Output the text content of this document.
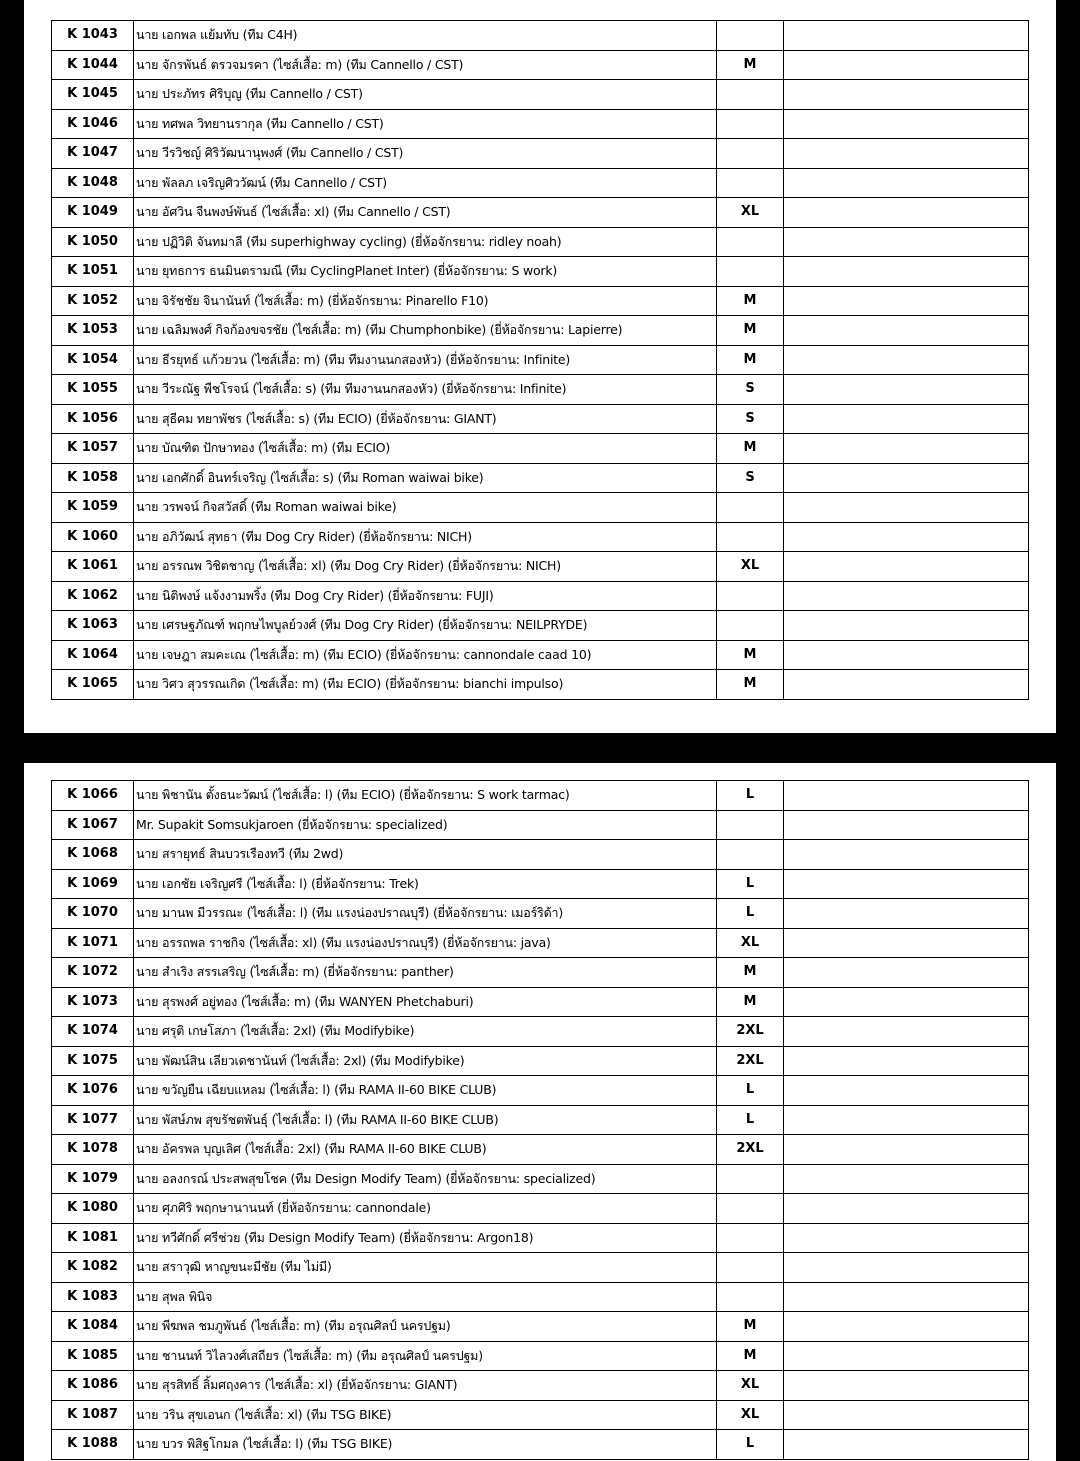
K 1043	นาย เอกพล แย้มทับ (ทีม C4H)		
K 1044	นาย จักรพันธ์ ตรวจมรคา (ไซส์เสื้อ: m) (ทีม Cannello / CST)	M	
K 1045	นาย ประภัทร ศิริบุญ (ทีม Cannello / CST)		
K 1046	นาย ทศพล วิทยานรากุล (ทีม Cannello / CST)		
K 1047	นาย วีรวิชญ์ ศิริวัฒนานุพงศ์ (ทีม Cannello / CST)		
K 1048	นาย พัลลภ เจริญศิววัฒน์ (ทีม Cannello / CST)		
K 1049	นาย อัศวิน จีนพงษ์พันธ์ (ไซส์เสื้อ: xl) (ทีม Cannello / CST)	XL	
K 1050	นาย ปฏิวิติ จันทมาลี (ทีม superhighway cycling) (ยี่ห้อจักรยาน: ridley noah)		
K 1051	นาย ยุทธการ ธนมินตรามณี (ทีม CyclingPlanet Inter) (ยี่ห้อจักรยาน: S work)		
K 1052	นาย จิรัชชัย จินานันท์ (ไซส์เสื้อ: m) (ยี่ห้อจักรยาน: Pinarello F10)	M	
K 1053	นาย เฉลิมพงศ์ กิจก้องขจรชัย (ไซส์เสื้อ: m) (ทีม Chumphonbike) (ยี่ห้อจักรยาน: Lapierre)	M	
K 1054	นาย ธีรยุทธ์ แก้วยวน (ไซส์เสื้อ: m) (ทีม ทีมงานนกสองหัว) (ยี่ห้อจักรยาน: Infinite)	M	
K 1055	นาย วีระณัฐ พืชโรจน์ (ไซส์เสื้อ: s) (ทีม ทีมงานนกสองหัว) (ยี่ห้อจักรยาน: Infinite)	S	
K 1056	นาย สุธีคม ทยาพัชร (ไซส์เสื้อ: s) (ทีม ECIO) (ยี่ห้อจักรยาน: GIANT)	S	
K 1057	นาย บัณฑิต ปักษาทอง (ไซส์เสื้อ: m) (ทีม ECIO)	M	
K 1058	นาย เอกศักดิ์ อินทร์เจริญ (ไซส์เสื้อ: s) (ทีม Roman waiwai bike)	S	
K 1059	นาย วรพจน์ กิจสวัสดิ์ (ทีม Roman waiwai bike)		
K 1060	นาย อภิวัฒน์ สุทธา (ทีม Dog Cry Rider) (ยี่ห้อจักรยาน: NICH)		
K 1061	นาย อรรณพ วิชิตชาญ (ไซส์เสื้อ: xl) (ทีม Dog Cry Rider) (ยี่ห้อจักรยาน: NICH)	XL	
K 1062	นาย นิติพงษ์ แจ้งงามพริ้ง (ทีม Dog Cry Rider) (ยี่ห้อจักรยาน: FUJI)		
K 1063	นาย เศรษฐภัณฑ์ พฤกษไพบูลย์วงศ์ (ทีม Dog Cry Rider) (ยี่ห้อจักรยาน: NEILPRYDE)		
K 1064	นาย เจษฎา สมคะเณ (ไซส์เสื้อ: m) (ทีม ECIO) (ยี่ห้อจักรยาน: cannondale caad 10)	M	
K 1065	นาย วิศว สุวรรณเกิด (ไซส์เสื้อ: m) (ทีม ECIO) (ยี่ห้อจักรยาน: bianchi impulso)	M	
K 1066	นาย พิชานัน ตั้งธนะวัฒน์ (ไซส์เสื้อ: l) (ทีม ECIO) (ยี่ห้อจักรยาน: S work tarmac)	L	
K 1067	Mr. Supakit Somsukjaroen (ยี่ห้อจักรยาน: specialized)		
K 1068	นาย สรายุทธ์ สินบวรเรืองทวี (ทีม 2wd)		
K 1069	นาย เอกชัย เจริญศรี (ไซส์เสื้อ: l) (ยี่ห้อจักรยาน: Trek)	L	
K 1070	นาย มานพ มีวรรณะ (ไซส์เสื้อ: l) (ทีม แรงน่องปราณบุรี) (ยี่ห้อจักรยาน: เมอร์ริด้า)	L	
K 1071	นาย อรรถพล ราชกิจ (ไซส์เสื้อ: xl) (ทีม แรงน่องปราณบุรี) (ยี่ห้อจักรยาน: java)	XL	
K 1072	นาย สำเริง สรรเสริญ (ไซส์เสื้อ: m) (ยี่ห้อจักรยาน: panther)	M	
K 1073	นาย สุรพงศ์ อยู่ทอง (ไซส์เสื้อ: m) (ทีม WANYEN Phetchaburi)	M	
K 1074	นาย ศรุติ เกษโสภา (ไซส์เสื้อ: 2xl) (ทีม Modifybike)	2XL	
K 1075	นาย พัฒน์สิน เลียวเดชานันท์ (ไซส์เสื้อ: 2xl) (ทีม Modifybike)	2XL	
K 1076	นาย ขวัญยืน เฉียบแหลม (ไซส์เสื้อ: l) (ทีม RAMA II-60 BIKE CLUB)	L	
K 1077	นาย พัสษ์ภพ สุขรัชตพันธุ์ (ไซส์เสื้อ: l) (ทีม RAMA II-60 BIKE CLUB)	L	
K 1078	นาย อัครพล บุญเลิศ (ไซส์เสื้อ: 2xl) (ทีม RAMA II-60 BIKE CLUB)	2XL	
K 1079	นาย อลงกรณ์ ประสพสุขโชค (ทีม Design Modify Team) (ยี่ห้อจักรยาน: specialized)		
K 1080	นาย ศุภศิริ พฤกษานานนท์ (ยี่ห้อจักรยาน: cannondale)		
K 1081	นาย ทวีศักดิ์ ศรีช่วย (ทีม Design Modify Team) (ยี่ห้อจักรยาน: Argon18)		
K 1082	นาย สราวุฒิ หาญขนะมีชัย (ทีม ไม่มี)		
K 1083	นาย สุพล พินิจ		
K 1084	นาย พีฆพล ชมภูพันธ์ (ไซส์เสื้อ: m) (ทีม อรุณศิลป์ นครปฐม)	M	
K 1085	นาย ชานนท์ วิไลวงศ์เสถียร (ไซส์เสื้อ: m) (ทีม อรุณศิลป์ นครปฐม)	M	
K 1086	นาย สุรสิทธิ์ ลิ้มศฤงคาร (ไซส์เสื้อ: xl) (ยี่ห้อจักรยาน: GIANT)	XL	
K 1087	นาย วริน สุขเอนก (ไซส์เสื้อ: xl) (ทีม TSG BIKE)	XL	
K 1088	นาย บวร พิสิฐโกมล (ไซส์เสื้อ: l) (ทีม TSG BIKE)	L	
